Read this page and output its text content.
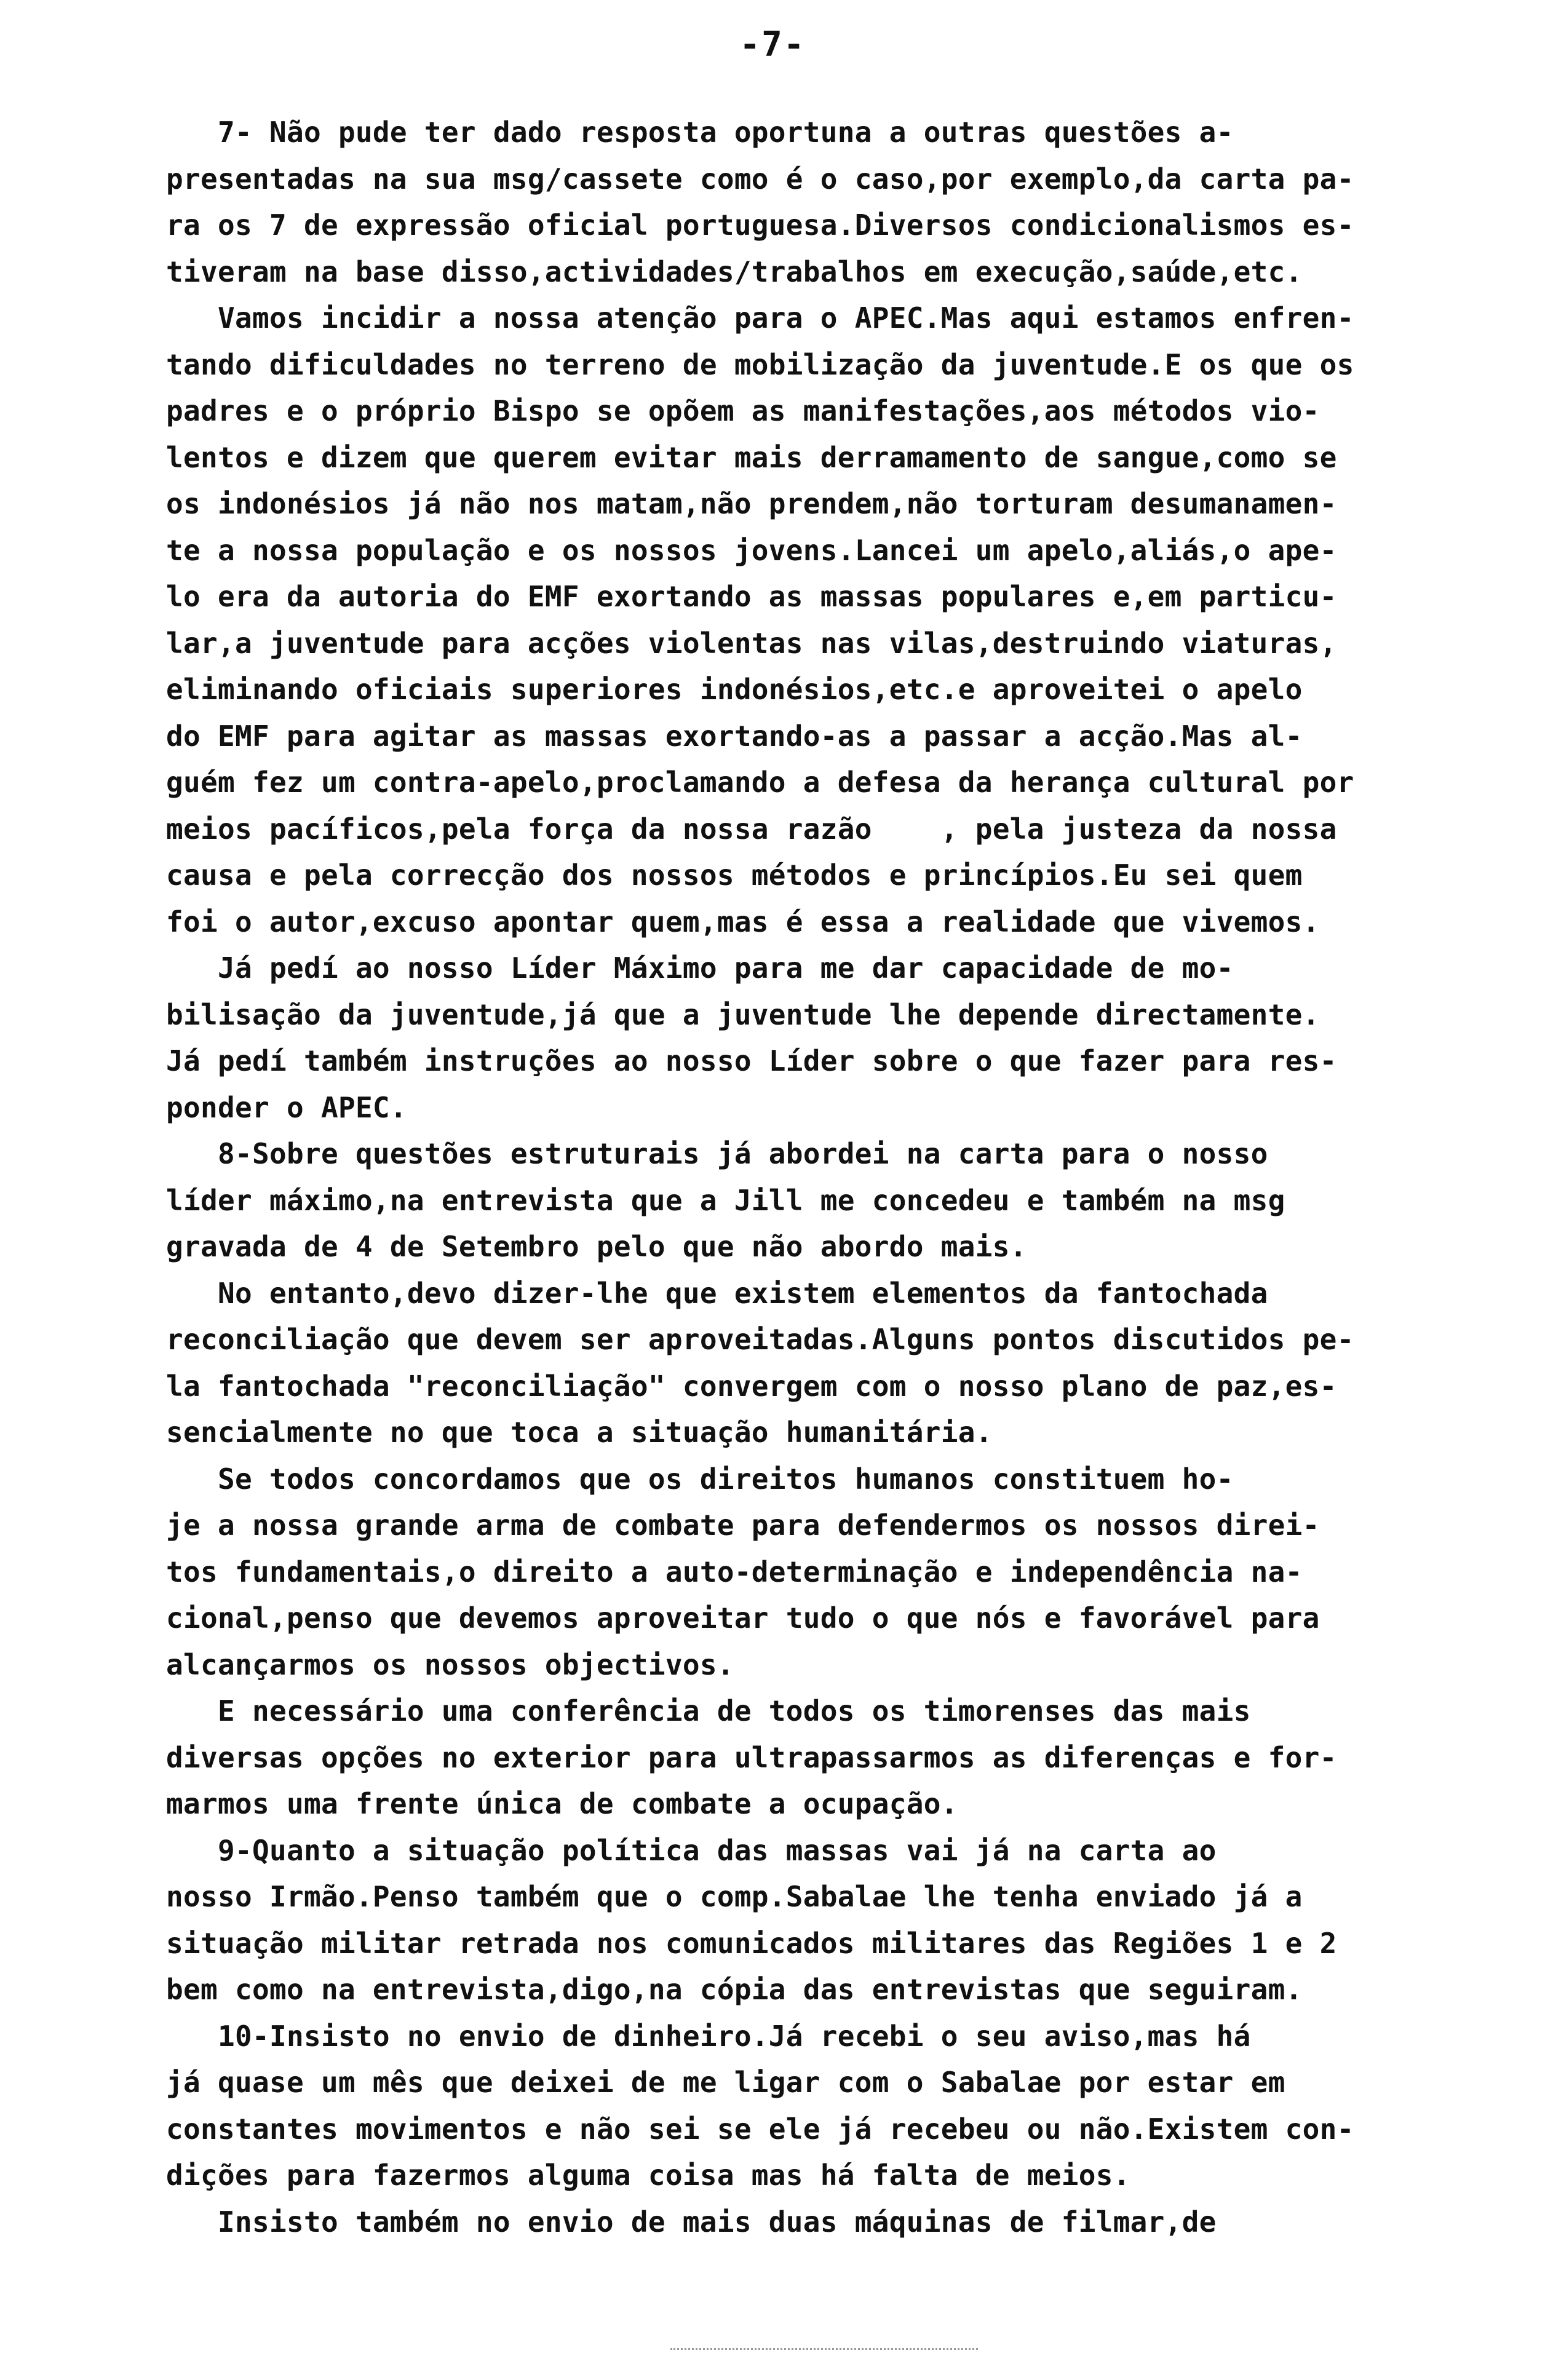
-7-
7- Não pude ter dado resposta oportuna a outras questões a-
presentadas na sua msg/cassete como é o caso,por exemplo,da carta pa-
ra os 7 de expressão oficial portuguesa.Diversos condicionalismos es-
tiveram na base disso,actividades/trabalhos em execução,saúde,etc.
Vamos incidir a nossa atenção para o APEC.Mas aqui estamos enfren-
tando dificuldades no terreno de mobilização da juventude.E os que os
padres e o próprio Bispo se opõem as manifestações,aos métodos vio-
lentos e dizem que querem evitar mais derramamento de sangue,como se
os indonésios já não nos matam,não prendem,não torturam desumanamen-
te a nossa população e os nossos jovens.Lancei um apelo,aliás,o ape-
lo era da autoria do EMF exortando as massas populares e,em particu-
lar,a juventude para acções violentas nas vilas,destruindo viaturas,
eliminando oficiais superiores indonésios,etc.e aproveitei o apelo
do EMF para agitar as massas exortando-as a passar a acção.Mas al-
guém fez um contra-apelo,proclamando a defesa da herança cultural por
meios pacíficos,pela força da nossa razão    , pela justeza da nossa
causa e pela correcção dos nossos métodos e princípios.Eu sei quem
foi o autor,excuso apontar quem,mas é essa a realidade que vivemos.
Já pedí ao nosso Líder Máximo para me dar capacidade de mo-
bilisação da juventude,já que a juventude lhe depende directamente.
Já pedí também instruções ao nosso Líder sobre o que fazer para res-
ponder o APEC.
8-Sobre questões estruturais já abordei na carta para o nosso
líder máximo,na entrevista que a Jill me concedeu e também na msg
gravada de 4 de Setembro pelo que não abordo mais.
No entanto,devo dizer-lhe que existem elementos da fantochada
reconciliação que devem ser aproveitadas.Alguns pontos discutidos pe-
la fantochada "reconciliação" convergem com o nosso plano de paz,es-
sencialmente no que toca a situação humanitária.
Se todos concordamos que os direitos humanos constituem ho-
je a nossa grande arma de combate para defendermos os nossos direi-
tos fundamentais,o direito a auto-determinação e independência na-
cional,penso que devemos aproveitar tudo o que nós e favorável para
alcançarmos os nossos objectivos.
E necessário uma conferência de todos os timorenses das mais
diversas opções no exterior para ultrapassarmos as diferenças e for-
marmos uma frente única de combate a ocupação.
9-Quanto a situação política das massas vai já na carta ao
nosso Irmão.Penso também que o comp.Sabalae lhe tenha enviado já a
situação militar retrada nos comunicados militares das Regiões 1 e 2
bem como na entrevista,digo,na cópia das entrevistas que seguiram.
10-Insisto no envio de dinheiro.Já recebi o seu aviso,mas há
já quase um mês que deixei de me ligar com o Sabalae por estar em
constantes movimentos e não sei se ele já recebeu ou não.Existem con-
dições para fazermos alguma coisa mas há falta de meios.
Insisto também no envio de mais duas máquinas de filmar,de
